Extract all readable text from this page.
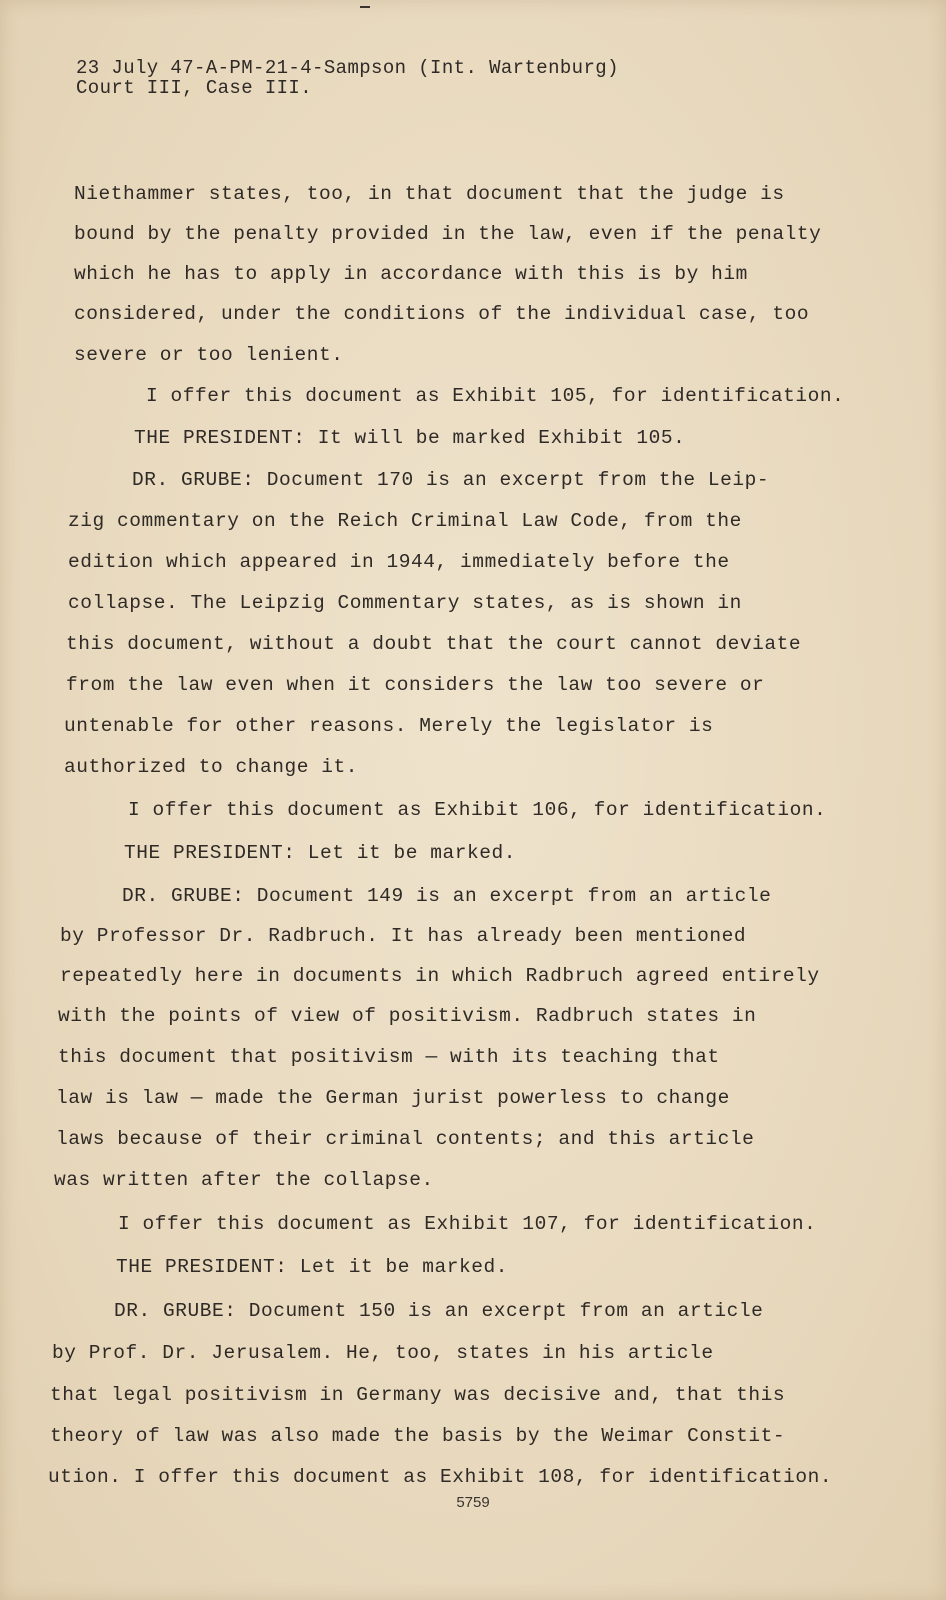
23 July 47-A-PM-21-4-Sampson (Int. Wartenburg)
Court III, Case III.
Niethammer states, too, in that document that the judge is
bound by the penalty provided in the law, even if the penalty
which he has to apply in accordance with this is by him
considered, under the conditions of the individual case, too
severe or too lenient.
I offer this document as Exhibit 105, for identification.
THE PRESIDENT: It will be marked Exhibit 105.
DR. GRUBE: Document 170 is an excerpt from the Leip-
zig commentary on the Reich Criminal Law Code, from the
edition which appeared in 1944, immediately before the
collapse. The Leipzig Commentary states, as is shown in
this document, without a doubt that the court cannot deviate
from the law even when it considers the law too severe or
untenable for other reasons. Merely the legislator is
authorized to change it.
I offer this document as Exhibit 106, for identification.
THE PRESIDENT: Let it be marked.
DR. GRUBE: Document 149 is an excerpt from an article
by Professor Dr. Radbruch. It has already been mentioned
repeatedly here in documents in which Radbruch agreed entirely
with the points of view of positivism. Radbruch states in
this document that positivism — with its teaching that
law is law — made the German jurist powerless to change
laws because of their criminal contents; and this article
was written after the collapse.
I offer this document as Exhibit 107, for identification.
THE PRESIDENT: Let it be marked.
DR. GRUBE: Document 150 is an excerpt from an article
by Prof. Dr. Jerusalem. He, too, states in his article
that legal positivism in Germany was decisive and, that this
theory of law was also made the basis by the Weimar Constit-
ution. I offer this document as Exhibit 108, for identification.
5759
